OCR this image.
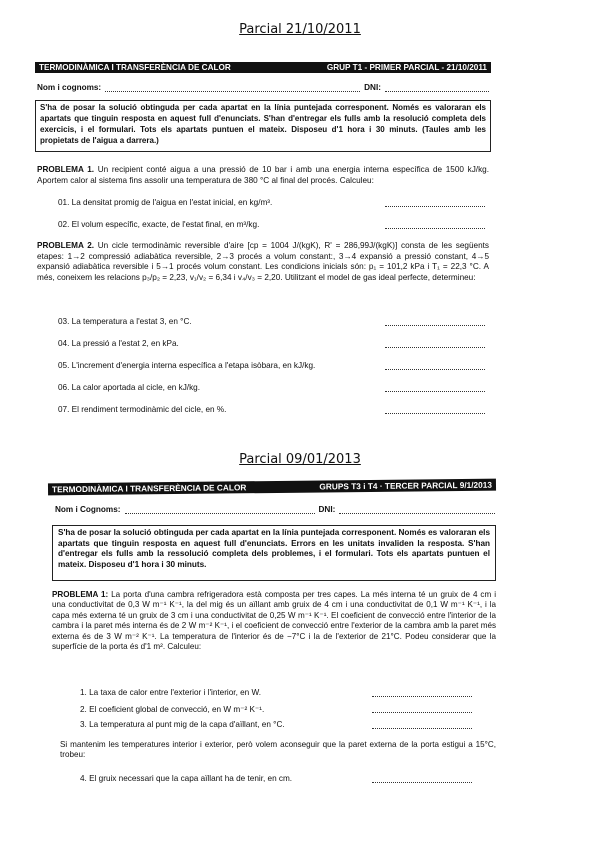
Parcial 21/10/2011
TERMODINÀMICA I TRANSFERÈNCIA DE CALOR	GRUP T1 - PRIMER PARCIAL - 21/10/2011
Nom i cognoms:	DNI:
S'ha de posar la solució obtinguda per cada apartat en la línia puntejada corresponent. Només es valoraran els apartats que tinguin resposta en aquest full d'enunciats. S'han d'entregar els fulls amb la resolució completa dels exercicis, i el formulari. Tots els apartats puntuen el mateix. Disposeu d'1 hora i 30 minuts. (Taules amb les propietats de l'aigua a darrera.)
PROBLEMA 1. Un recipient conté aigua a una pressió de 10 bar i amb una energia interna específica de 1500 kJ/kg. Aportem calor al sistema fins assolir una temperatura de 380 °C al final del procés. Calculeu:
01. La densitat promig de l'aigua en l'estat inicial, en kg/m³.
02. El volum específic, exacte, de l'estat final, en m³/kg.
PROBLEMA 2. Un cicle termodinàmic reversible d'aire [cp = 1004 J/(kgK), R' = 286,99J/(kgK)] consta de les següents etapes: 1→2 compressió adiabàtica reversible, 2→3 procés a volum constant:, 3→4 expansió a pressió constant, 4→5 expansió adiabàtica reversible i 5→1 procés volum constant. Les condicions inicials són: p₁ = 101,2 kPa i T₁ = 22,3 °C. A més, coneixem les relacions p₃/p₂ = 2,23, v₁/v₂ = 6,34 i v₄/v₃ = 2,20. Utilitzant el model de gas ideal perfecte, determineu:
03. La temperatura a l'estat 3, en °C.
04. La pressió a l'estat 2, en kPa.
05. L'increment d'energia interna específica a l'etapa isòbara, en kJ/kg.
06. La calor aportada al cicle, en kJ/kg.
07. El rendiment termodinàmic del cicle, en %.
Parcial 09/01/2013
TERMODINÀMICA I TRANSFERÈNCIA DE CALOR	GRUPS T3 i T4 · TERCER PARCIAL 9/1/2013
Nom i Cognoms:	DNI:
S'ha de posar la solució obtinguda per cada apartat en la línia puntejada corresponent. Només es valoraran els apartats que tinguin resposta en aquest full d'enunciats. Errors en les unitats invaliden la resposta. S'han d'entregar els fulls amb la ressolució completa dels problemes, i el formulari. Tots els apartats puntuen el mateix. Disposeu d'1 hora i 30 minuts.
PROBLEMA 1: La porta d'una cambra refrigeradora està composta per tres capes. La més interna té un gruix de 4 cm i una conductivitat de 0,3 W m⁻¹ K⁻¹, la del mig és un aïllant amb gruix de 4 cm i una conductivitat de 0,1 W m⁻¹ K⁻¹, i la capa més externa té un gruix de 3 cm i una conductivitat de 0,25 W m⁻¹ K⁻¹. El coeficient de convecció entre l'interior de la cambra i la paret més interna és de 2 W m⁻² K⁻¹, i el coeficient de convecció entre l'exterior de la cambra amb la paret més externa és de 3 W m⁻² K⁻¹. La temperatura de l'interior és de −7°C i la de l'exterior de 21°C. Podeu considerar que la superfície de la porta és d'1 m². Calculeu:
1. La taxa de calor entre l'exterior i l'interior, en W.
2. El coeficient global de convecció, en W m⁻² K⁻¹.
3. La temperatura al punt mig de la capa d'aïllant, en °C.
Si mantenim les temperatures interior i exterior, però volem aconseguir que la paret externa de la porta estigui a 15°C, trobeu:
4. El gruix necessari que la capa aïllant ha de tenir, en cm.
